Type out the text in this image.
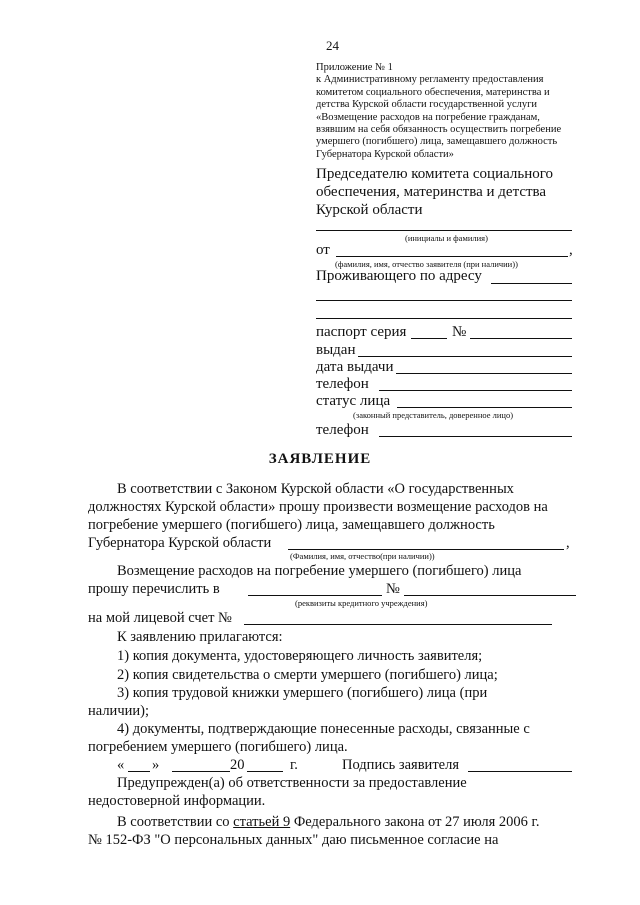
24
Приложение № 1
к Административному регламенту предоставления
комитетом социального обеспечения, материнства и
детства Курской области государственной услуги
«Возмещение расходов на погребение гражданам,
взявшим на себя обязанность осуществить погребение
умершего (погибшего) лица, замещавшего должность
Губернатора Курской области»
Председателю комитета социального
обеспечения, материнства и детства
Курской области
(инициалы и фамилия)
от	,
(фамилия, имя, отчество заявителя (при наличии))
Проживающего по адресу
паспорт серия	№
выдан
дата выдачи
телефон
статус лица
(законный представитель, доверенное лицо)
телефон
ЗАЯВЛЕНИЕ
В соответствии с Законом Курской области «О государственных
должностях Курской области» прошу произвести возмещение расходов на
погребение умершего (погибшего) лица, замещавшего должность
Губернатора Курской области	,
(Фамилия, имя, отчество(при наличии))
Возмещение расходов на погребение умершего (погибшего) лица
прошу перечислить в	№
(реквизиты кредитного учреждения)
на мой лицевой счет №
К заявлению прилагаются:
1) копия документа, удостоверяющего личность заявителя;
2) копия свидетельства о смерти умершего (погибшего) лица;
3) копия трудовой книжки умершего (погибшего) лица (при
наличии);
4) документы, подтверждающие понесенные расходы, связанные с
погребением умершего (погибшего) лица.
« »	20	г.	Подпись заявителя
Предупрежден(а) об ответственности за предоставление
недостоверной информации.
В соответствии со статьей 9 Федерального закона от 27 июля 2006 г.
№ 152-ФЗ "О персональных данных" даю письменное согласие на
